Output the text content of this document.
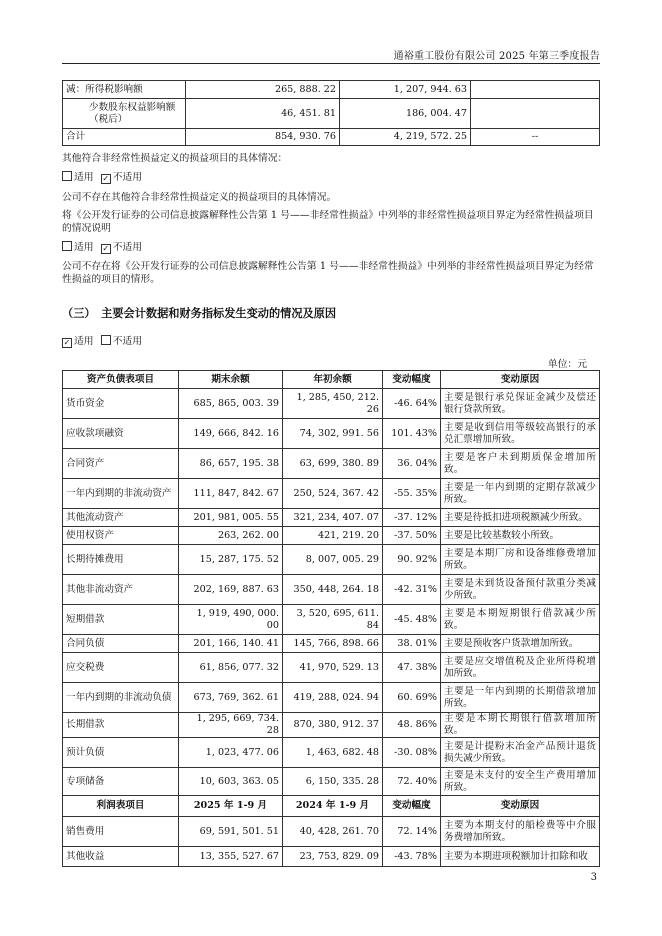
通裕重工股份有限公司 2025 年第三季度报告
减：所得税影响额	265, 888. 22	1, 207, 944. 63	
少数股东权益影响额（税后）	46, 451. 81	186, 004. 47	
合计	854, 930. 76	4, 219, 572. 25	--
其他符合非经常性损益定义的损益项目的具体情况：
适用 ✓ 不适用
公司不存在其他符合非经常性损益定义的损益项目的具体情况。
将《公开发行证券的公司信息披露解释性公告第 1 号——非经常性损益》中列举的非经常性损益项目界定为经常性损益项目的情况说明
适用 ✓ 不适用
公司不存在将《公开发行证券的公司信息披露解释性公告第 1 号——非经常性损益》中列举的非经常性损益项目界定为经常性损益的项目的情形。
（三）　主要会计数据和财务指标发生变动的情况及原因
✓ 适用 不适用
单位：元
资产负债表项目	期末余额	年初余额	变动幅度	变动原因
货币资金	685, 865, 003. 39	1, 285, 450, 212. 26	-46. 64%	主要是银行承兑保证金减少及偿还银行贷款所致。
应收款项融资	149, 666, 842. 16	74, 302, 991. 56	101. 43%	主要是收到信用等级较高银行的承兑汇票增加所致。
合同资产	86, 657, 195. 38	63, 699, 380. 89	36. 04%	主要是客户未到期质保金增加所致。
一年内到期的非流动资产	111, 847, 842. 67	250, 524, 367. 42	-55. 35%	主要是一年内到期的定期存款减少所致。
其他流动资产	201, 981, 005. 55	321, 234, 407. 07	-37. 12%	主要是待抵扣进项税额减少所致。
使用权资产	263, 262. 00	421, 219. 20	-37. 50%	主要是比较基数较小所致。
长期待摊费用	15, 287, 175. 52	8, 007, 005. 29	90. 92%	主要是本期厂房和设备维修费增加所致。
其他非流动资产	202, 169, 887. 63	350, 448, 264. 18	-42. 31%	主要是未到货设备预付款重分类减少所致。
短期借款	1, 919, 490, 000. 00	3, 520, 695, 611. 84	-45. 48%	主要是本期短期银行借款减少所致。
合同负债	201, 166, 140. 41	145, 766, 898. 66	38. 01%	主要是预收客户货款增加所致。
应交税费	61, 856, 077. 32	41, 970, 529. 13	47. 38%	主要是应交增值税及企业所得税增加所致。
一年内到期的非流动负债	673, 769, 362. 61	419, 288, 024. 94	60. 69%	主要是一年内到期的长期借款增加所致。
长期借款	1, 295, 669, 734. 28	870, 380, 912. 37	48. 86%	主要是本期长期银行借款增加所致。
预计负债	1, 023, 477. 06	1, 463, 682. 48	-30. 08%	主要是计提粉末冶金产品预计退货损失减少所致。
专项储备	10, 603, 363. 05	6, 150, 335. 28	72. 40%	主要是未支付的安全生产费用增加所致。
利润表项目	2025 年 1-9 月	2024 年 1-9 月	变动幅度	变动原因
销售费用	69, 591, 501. 51	40, 428, 261. 70	72. 14%	主要为本期支付的船检费等中介服务费增加所致。
其他收益	13, 355, 527. 67	23, 753, 829. 09	-43. 78%	主要为本期进项税额加计扣除和收
3
